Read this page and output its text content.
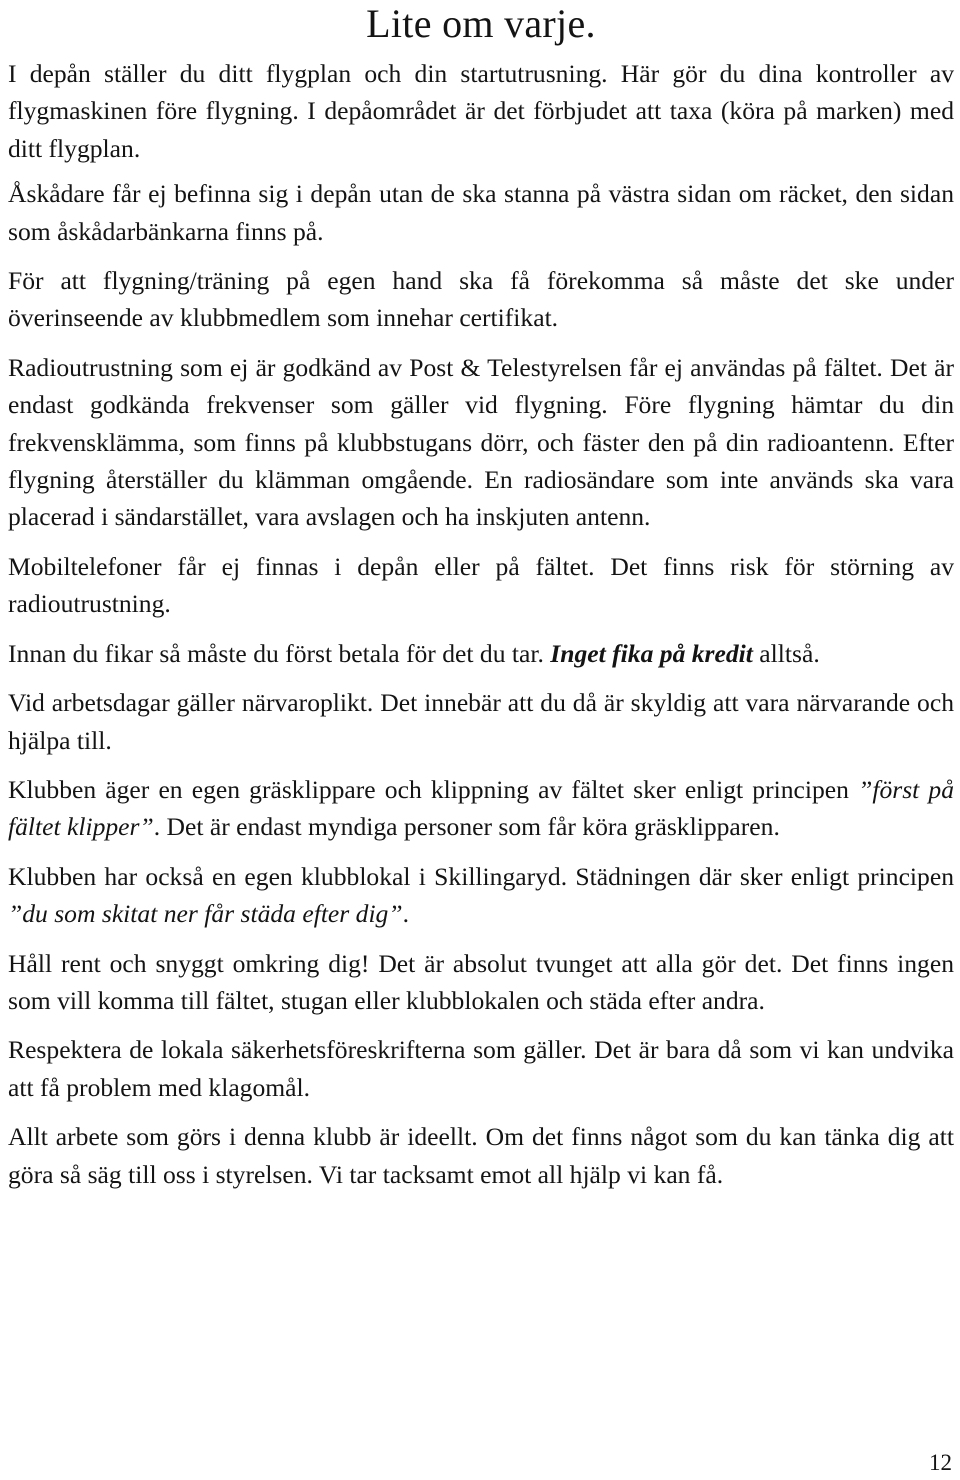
Lite om varje.

I depån ställer du ditt flygplan och din startutrusning. Här gör du dina kontroller av flygmaskinen före flygning. I depåområdet är det förbjudet att taxa (köra på marken) med ditt flygplan.

Åskådare får ej befinna sig i depån utan de ska stanna på västra sidan om räcket, den sidan som åskådarbänkarna finns på.

För att flygning/träning på egen hand ska få förekomma så måste det ske under överinseende av klubbmedlem som innehar certifikat.

Radioutrustning som ej är godkänd av Post & Telestyrelsen får ej användas på fältet. Det är endast godkända frekvenser som gäller vid flygning. Före flygning hämtar du din frekvensklämma, som finns på klubbstugans dörr, och fäster den på din radioantenn. Efter flygning återställer du klämman omgående. En radiosändare som inte används ska vara placerad i sändarstället, vara avslagen och ha inskjuten antenn.

Mobiltelefoner får ej finnas i depån eller på fältet. Det finns risk för störning av radioutrustning.

Innan du fikar så måste du först betala för det du tar. Inget fika på kredit alltså.

Vid arbetsdagar gäller närvaroplikt. Det innebär att du då är skyldig att vara närvarande och hjälpa till.

Klubben äger en egen gräsklippare och klippning av fältet sker enligt principen ”först på fältet klipper”. Det är endast myndiga personer som får köra gräsklipparen.

Klubben har också en egen klubblokal i Skillingaryd. Städningen där sker enligt principen ”du som skitat ner får städa efter dig”.

Håll rent och snyggt omkring dig! Det är absolut tvunget att alla gör det. Det finns ingen som vill komma till fältet, stugan eller klubblokalen och städa efter andra.

Respektera de lokala säkerhetsföreskrifterna som gäller. Det är bara då som vi kan undvika att få problem med klagomål.

Allt arbete som görs i denna klubb är ideellt. Om det finns något som du kan tänka dig att göra så säg till oss i styrelsen. Vi tar tacksamt emot all hjälp vi kan få.

12
